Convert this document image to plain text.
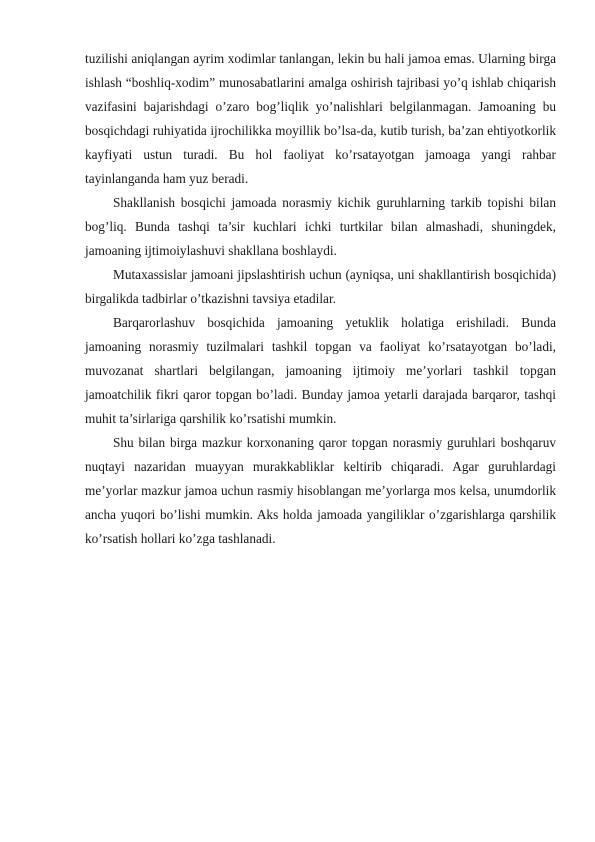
tuzilishi aniqlangan ayrim xodimlar tanlangan, lekin bu hali jamoa emas. Ularning birga ishlash “boshliq-xodim” munosabatlarini amalga oshirish tajribasi yo’q ishlab chiqarish vazifasini bajarishdagi o’zaro bog’liqlik yo’nalishlari belgilanmagan. Jamoaning bu bosqichdagi ruhiyatida ijrochilikka moyillik bo’lsa-da, kutib turish, ba’zan ehtiyotkorlik kayfiyati ustun turadi. Bu hol faoliyat ko’rsatayotgan jamoaga yangi rahbar tayinlanganda ham yuz beradi.

Shakllanish bosqichi jamoada norasmiy kichik guruhlarning tarkib topishi bilan bog’liq. Bunda tashqi ta’sir kuchlari ichki turtkilar bilan almashadi, shuningdek, jamoaning ijtimoiylashuvi shakllana boshlaydi.

Mutaxassislar jamoani jipslashtirish uchun (ayniqsa, uni shakllantirish bosqichida) birgalikda tadbirlar o’tkazishni tavsiya etadilar.

Barqarorlashuv bosqichida jamoaning yetuklik holatiga erishiladi. Bunda jamoaning norasmiy tuzilmalari tashkil topgan va faoliyat ko’rsatayotgan bo’ladi, muvozanat shartlari belgilangan, jamoaning ijtimoiy me’yorlari tashkil topgan jamoatchilik fikri qaror topgan bo’ladi. Bunday jamoa yetarli darajada barqaror, tashqi muhit ta’sirlariga qarshilik ko’rsatishi mumkin.

Shu bilan birga mazkur korxonaning qaror topgan norasmiy guruhlari boshqaruv nuqtayi nazaridan muayyan murakkabliklar keltirib chiqaradi. Agar guruhlardagi me’yorlar mazkur jamoa uchun rasmiy hisoblangan me’yorlarga mos kelsa, unumdorlik ancha yuqori bo’lishi mumkin. Aks holda jamoada yangiliklar o’zgarishlarga qarshilik ko’rsatish hollari ko’zga tashlanadi.
